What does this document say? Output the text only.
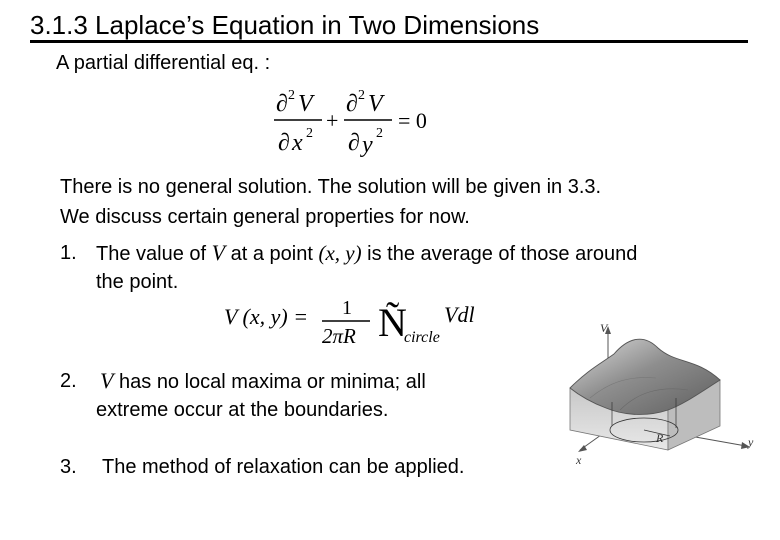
3.1.3 Laplace’s Equation in Two Dimensions
A partial differential eq. :
∂ 2 V
∂ x 2
+
∂ 2 V
∂ y 2
= 0
There is no general solution. The solution will be given in 3.3.
We discuss certain general properties for now.
1. The value of V at a point (x, y) is the average of those around
the point.
V (x, y) = 1
2πR Ñ
circle
Vdl
2. V has no local maxima or minima; all
extreme occur at the boundaries.
3. The method of relaxation can be applied.
V
x
y
R
